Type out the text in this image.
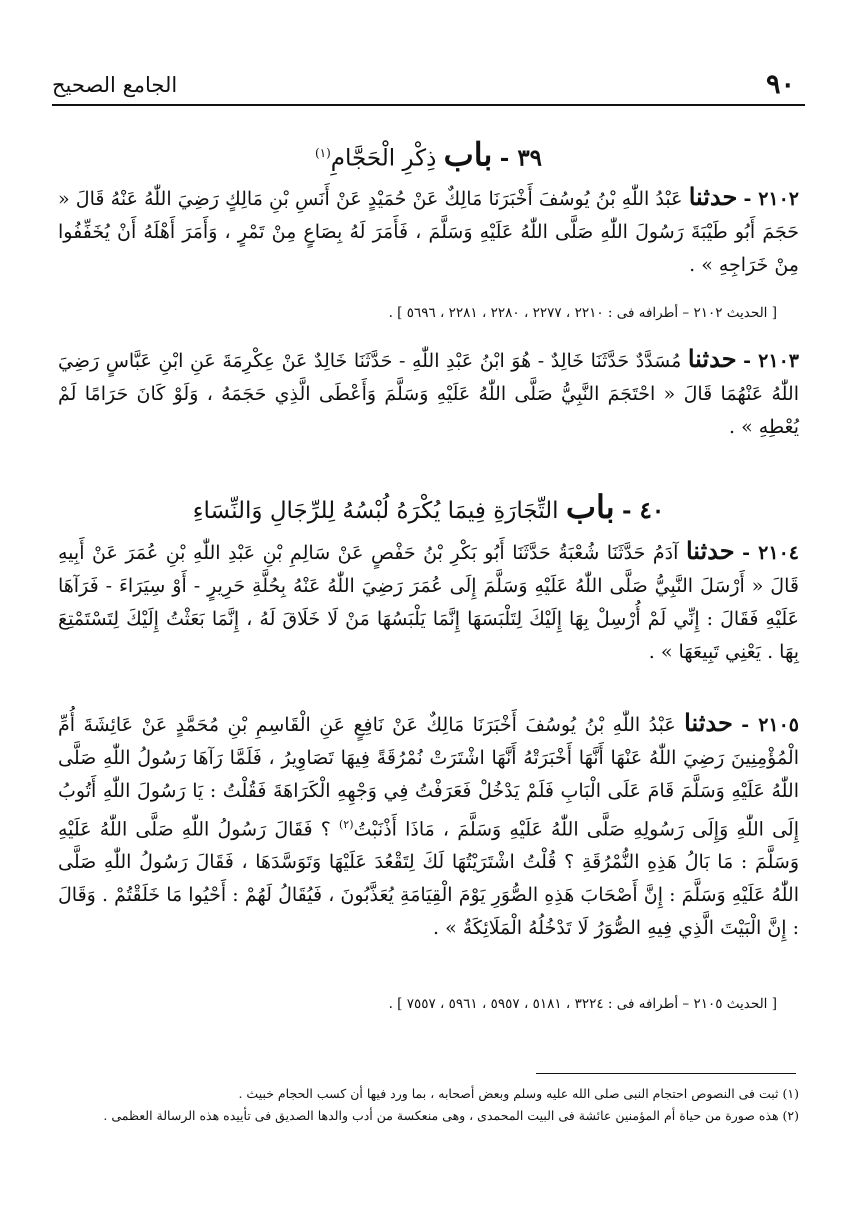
٩٠
الجامع الصحيح
٣٩ - باب ذِكْرِ الْحَجَّامِ$^{(١)}$
٢١٠٢ - حدثنا عَبْدُ اللّٰهِ بْنُ يُوسُفَ أَخْبَرَنَا مَالِكٌ عَنْ حُمَيْدٍ عَنْ أَنَسِ بْنِ مَالِكٍ رَضِيَ اللّٰهُ عَنْهُ قَالَ « حَجَمَ أَبُو طَيْبَةَ رَسُولَ اللّٰهِ صَلَّى اللّٰهُ عَلَيْهِ وَسَلَّمَ ، فَأَمَرَ لَهُ بِصَاعٍ مِنْ تَمْرٍ ، وَأَمَرَ أَهْلَهُ أَنْ يُخَفِّفُوا مِنْ خَرَاجِهِ » .
[ الحديث ٢١٠٢ – أطرافه فى : ٢٢١٠ ، ٢٢٧٧ ، ٢٢٨٠ ، ٢٢٨١ ، ٥٦٩٦ ] .
٢١٠٣ - حدثنا مُسَدَّدٌ حَدَّثَنَا خَالِدٌ - هُوَ ابْنُ عَبْدِ اللّٰهِ - حَدَّثَنَا خَالِدٌ عَنْ عِكْرِمَةَ عَنِ ابْنِ عَبَّاسٍ رَضِيَ اللّٰهُ عَنْهُمَا قَالَ « احْتَجَمَ النَّبِيُّ صَلَّى اللّٰهُ عَلَيْهِ وَسَلَّمَ وَأَعْطَى الَّذِي حَجَمَهُ ، وَلَوْ كَانَ حَرَامًا لَمْ يُعْطِهِ » .
٤٠ - باب التِّجَارَةِ فِيمَا يُكْرَهُ لُبْسُهُ لِلرِّجَالِ وَالنِّسَاءِ
٢١٠٤ - حدثنا آدَمُ حَدَّثَنَا شُعْبَةُ حَدَّثَنَا أَبُو بَكْرِ بْنُ حَفْصٍ عَنْ سَالِمِ بْنِ عَبْدِ اللّٰهِ بْنِ عُمَرَ عَنْ أَبِيهِ قَالَ « أَرْسَلَ النَّبِيُّ صَلَّى اللّٰهُ عَلَيْهِ وَسَلَّمَ إِلَى عُمَرَ رَضِيَ اللّٰهُ عَنْهُ بِحُلَّةِ حَرِيرٍ - أَوْ سِيَرَاءَ - فَرَآهَا عَلَيْهِ فَقَالَ : إِنِّي لَمْ أُرْسِلْ بِهَا إِلَيْكَ لِتَلْبَسَهَا إِنَّمَا يَلْبَسُهَا مَنْ لَا خَلَاقَ لَهُ ، إِنَّمَا بَعَثْتُ إِلَيْكَ لِتَسْتَمْتِعَ بِهَا . يَعْنِي تَبِيعَهَا » .
٢١٠٥ - حدثنا عَبْدُ اللّٰهِ بْنُ يُوسُفَ أَخْبَرَنَا مَالِكٌ عَنْ نَافِعٍ عَنِ الْقَاسِمِ بْنِ مُحَمَّدٍ عَنْ عَائِشَةَ أُمِّ الْمُؤْمِنِينَ رَضِيَ اللّٰهُ عَنْهَا أَنَّهَا أَخْبَرَتْهُ أَنَّهَا اشْتَرَتْ نُمْرُقَةً فِيهَا تَصَاوِيرُ ، فَلَمَّا رَآهَا رَسُولُ اللّٰهِ صَلَّى اللّٰهُ عَلَيْهِ وَسَلَّمَ قَامَ عَلَى الْبَابِ فَلَمْ يَدْخُلْ فَعَرَفْتُ فِي وَجْهِهِ الْكَرَاهَةَ فَقُلْتُ : يَا رَسُولَ اللّٰهِ أَتُوبُ إِلَى اللّٰهِ وَإِلَى رَسُولِهِ صَلَّى اللّٰهُ عَلَيْهِ وَسَلَّمَ ، مَاذَا أَذْنَبْتُ$^{(٢)}$ ؟ فَقَالَ رَسُولُ اللّٰهِ صَلَّى اللّٰهُ عَلَيْهِ وَسَلَّمَ : مَا بَالُ هَذِهِ النُّمْرُقَةِ ؟ قُلْتُ اشْتَرَيْتُهَا لَكَ لِتَقْعُدَ عَلَيْهَا وَتَوَسَّدَهَا ، فَقَالَ رَسُولُ اللّٰهِ صَلَّى اللّٰهُ عَلَيْهِ وَسَلَّمَ : إِنَّ أَصْحَابَ هَذِهِ الصُّوَرِ يَوْمَ الْقِيَامَةِ يُعَذَّبُونَ ، فَيُقَالُ لَهُمْ : أَحْيُوا مَا خَلَقْتُمْ . وَقَالَ : إِنَّ الْبَيْتَ الَّذِي فِيهِ الصُّوَرُ لَا تَدْخُلُهُ الْمَلَائِكَةُ » .
[ الحديث ٢١٠٥ – أطرافه فى : ٣٢٢٤ ، ٥١٨١ ، ٥٩٥٧ ، ٥٩٦١ ، ٧٥٥٧ ] .
(١) ثبت فى النصوص احتجام النبى صلى الله عليه وسلم وبعض أصحابه ، بما ورد فيها أن كسب الحجام خبيث .
(٢) هذه صورة من حياة أم المؤمنين عائشة فى البيت المحمدى ، وهى منعكسة من أدب والدها الصديق فى تأييده هذه الرسالة العظمى .
